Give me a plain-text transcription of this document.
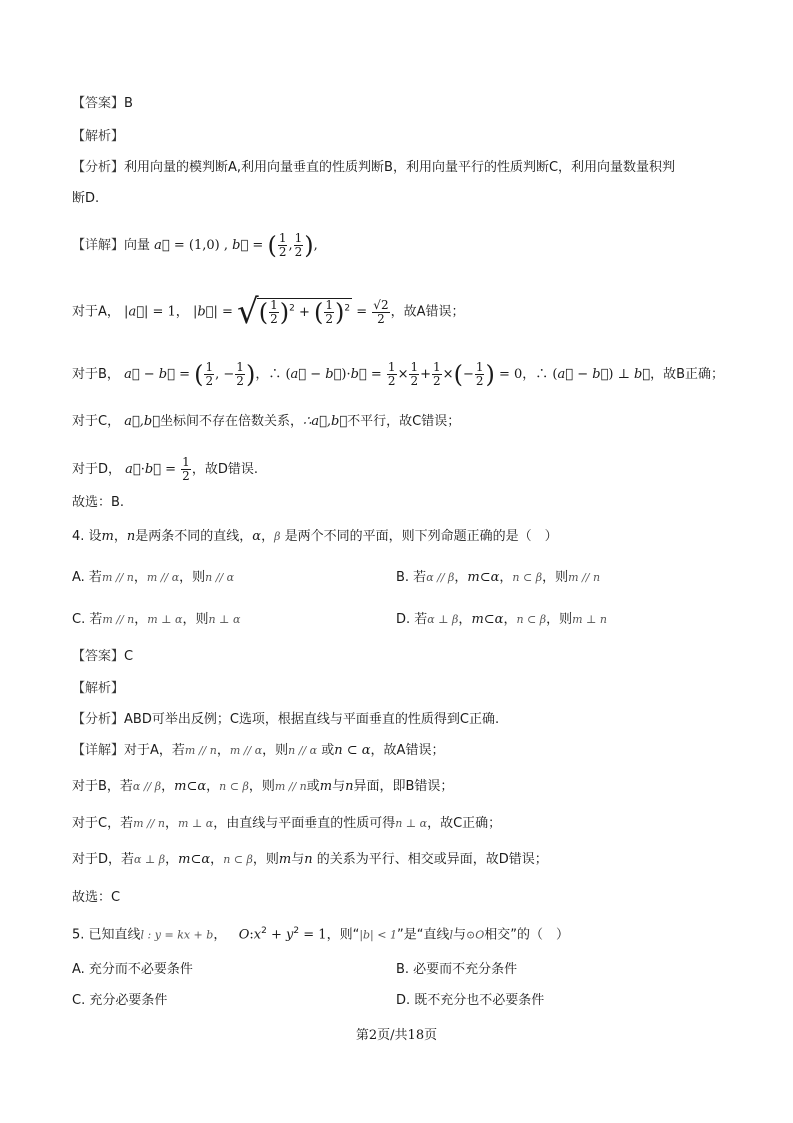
【答案】B
【解析】
【分析】利用向量的模判断A,利用向量垂直的性质判断B，利用向量平行的性质判断C，利用向量数量积判
断D.
【详解】向量 a⃗ = (1,0) , b⃗ = ( $\frac{1}{2}$ , $\frac{1}{2}$ ),
对于A， |a⃗| = 1， |b⃗| = √( $\frac{1}{2} )^2$ + ( $\frac{1}{2} )^2 = \frac{√2}{2}$ ，故A错误；
对于B， a⃗ − b⃗ = ( $\frac{1}{2}$ , − $\frac{1}{2}$ )，∴ (a⃗ − b⃗)·b⃗ = $\frac{1}{2} \times \frac{1}{2} + \frac{1}{2}$ ×(− $\frac{1}{2}$ ) = 0，∴ (a⃗ − b⃗) ⊥ b⃗，故B正确；
对于C， a⃗,b⃗坐标间不存在倍数关系，∴a⃗,b⃗不平行，故C错误；
对于D， a⃗·b⃗ = $\frac{1}{2}$ ，故D错误.
故选：B.
4. 设m，n是两条不同的直线，α，β 是两个不同的平面，则下列命题正确的是（　）
A. 若m // n，m // α，则n // α	B. 若α // β，m⊂α，n ⊂ β，则m // n
C. 若m // n，m ⊥ α，则n ⊥ α	D. 若α ⊥ β，m⊂α，n ⊂ β，则m ⊥ n
【答案】C
【解析】
【分析】ABD可举出反例；C选项，根据直线与平面垂直的性质得到C正确.
【详解】对于A，若m // n，m // α，则n // α 或n ⊂ α，故A错误；
对于B，若α // β，m⊂α，n ⊂ β，则m // n或m与n异面，即B错误；
对于C，若m // n，m ⊥ α，由直线与平面垂直的性质可得n ⊥ α，故C正确；
对于D，若α ⊥ β，m⊂α，n ⊂ β，则m与n 的关系为平行、相交或异面，故D错误；
故选：C
5. 已知直线l : y = kx + b，   $O:x^2 + y^2 = 1$，则“|b| < 1”是“直线l与⊙O相交”的（　）
A. 充分而不必要条件	B. 必要而不充分条件
C. 充分必要条件	D. 既不充分也不必要条件
第2页/共18页
